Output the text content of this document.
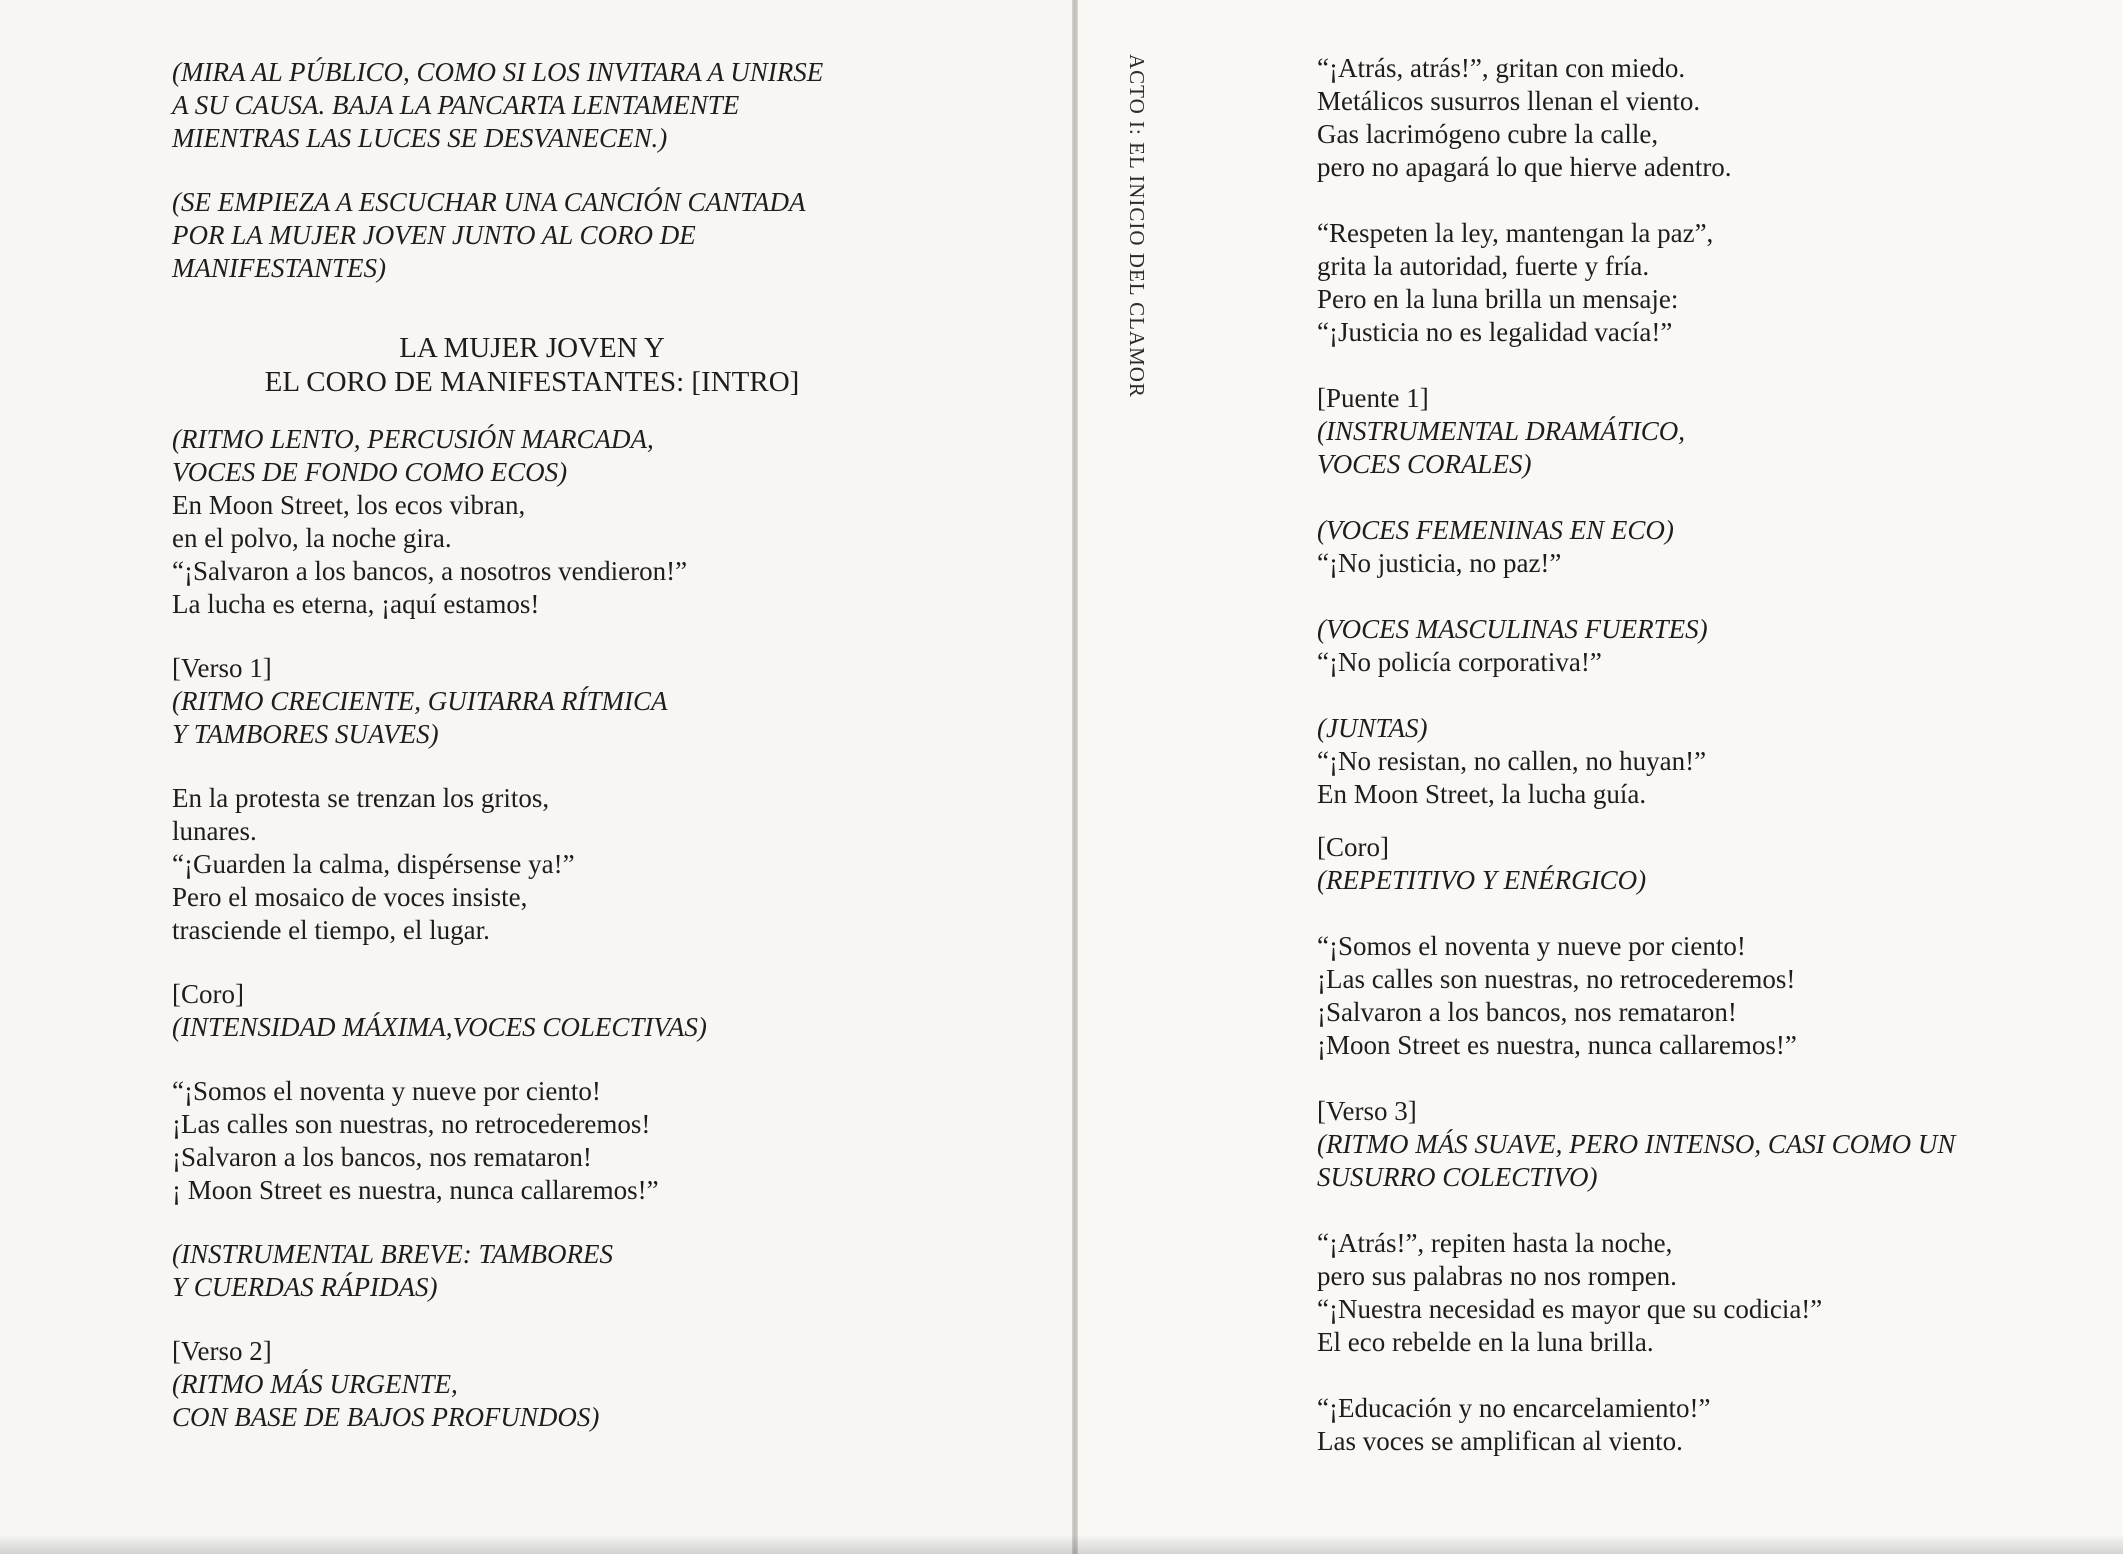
(MIRA AL PÚBLICO, COMO SI LOS INVITARA A UNIRSE
A SU CAUSA. BAJA LA PANCARTA LENTAMENTE
MIENTRAS LAS LUCES SE DESVANECEN.)
(SE EMPIEZA A ESCUCHAR UNA CANCIÓN CANTADA
POR LA MUJER JOVEN JUNTO AL CORO DE
MANIFESTANTES)
LA MUJER JOVEN Y
EL CORO DE MANIFESTANTES: [INTRO]
(RITMO LENTO, PERCUSIÓN MARCADA,
VOCES DE FONDO COMO ECOS)
En Moon Street, los ecos vibran,
en el polvo, la noche gira.
“¡Salvaron a los bancos, a nosotros vendieron!”
La lucha es eterna, ¡aquí estamos!
[Verso 1]
(RITMO CRECIENTE, GUITARRA RÍTMICA
Y TAMBORES SUAVES)
En la protesta se trenzan los gritos,
lunares.
“¡Guarden la calma, dispérsense ya!”
Pero el mosaico de voces insiste,
trasciende el tiempo, el lugar.
[Coro]
(INTENSIDAD MÁXIMA,VOCES COLECTIVAS)
“¡Somos el noventa y nueve por ciento!
¡Las calles son nuestras, no retrocederemos!
¡Salvaron a los bancos, nos remataron!
¡ Moon Street es nuestra, nunca callaremos!”
(INSTRUMENTAL BREVE: TAMBORES
Y CUERDAS RÁPIDAS)
[Verso 2]
(RITMO MÁS URGENTE,
CON BASE DE BAJOS PROFUNDOS)
ACTO I: EL INICIO DEL CLAMOR	“¡Atrás, atrás!”, gritan con miedo.
Metálicos susurros llenan el viento.
Gas lacrimógeno cubre la calle,
pero no apagará lo que hierve adentro.
“Respeten la ley, mantengan la paz”,
grita la autoridad, fuerte y fría.
Pero en la luna brilla un mensaje:
“¡Justicia no es legalidad vacía!”
[Puente 1]
(INSTRUMENTAL DRAMÁTICO,
VOCES CORALES)
(VOCES FEMENINAS EN ECO)
“¡No justicia, no paz!”
(VOCES MASCULINAS FUERTES)
“¡No policía corporativa!”
(JUNTAS)
“¡No resistan, no callen, no huyan!”
En Moon Street, la lucha guía.
[Coro]
(REPETITIVO Y ENÉRGICO)
“¡Somos el noventa y nueve por ciento!
¡Las calles son nuestras, no retrocederemos!
¡Salvaron a los bancos, nos remataron!
¡Moon Street es nuestra, nunca callaremos!”
[Verso 3]
(RITMO MÁS SUAVE, PERO INTENSO, CASI COMO UN
SUSURRO COLECTIVO)
“¡Atrás!”, repiten hasta la noche,
pero sus palabras no nos rompen.
“¡Nuestra necesidad es mayor que su codicia!”
El eco rebelde en la luna brilla.
“¡Educación y no encarcelamiento!”
Las voces se amplifican al viento.
